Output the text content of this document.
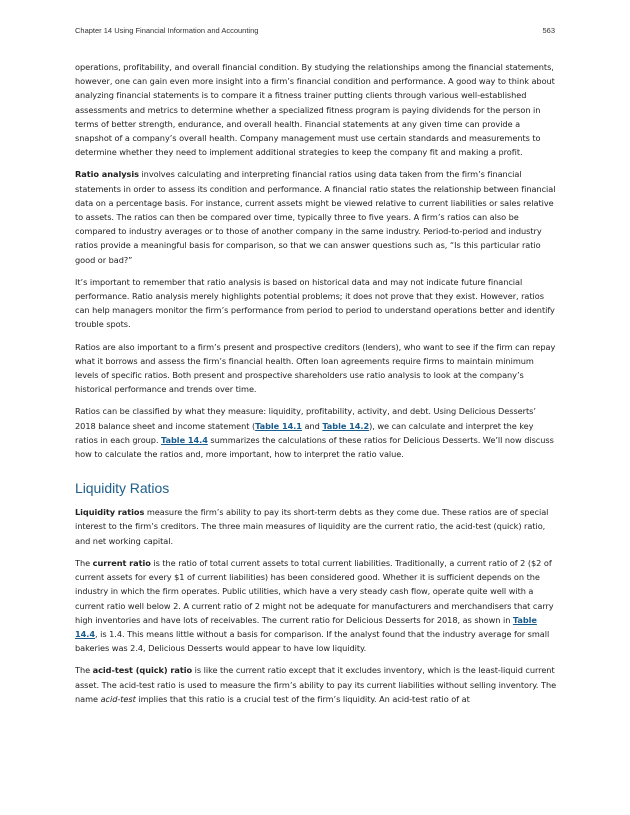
Chapter 14 Using Financial Information and Accounting	563

operations, profitability, and overall financial condition. By studying the relationships among the financial statements, however, one can gain even more insight into a firm’s financial condition and performance. A good way to think about analyzing financial statements is to compare it a fitness trainer putting clients through various well-established assessments and metrics to determine whether a specialized fitness program is paying dividends for the person in terms of better strength, endurance, and overall health. Financial statements at any given time can provide a snapshot of a company’s overall health. Company management must use certain standards and measurements to determine whether they need to implement additional strategies to keep the company fit and making a profit.

Ratio analysis involves calculating and interpreting financial ratios using data taken from the firm’s financial statements in order to assess its condition and performance. A financial ratio states the relationship between financial data on a percentage basis. For instance, current assets might be viewed relative to current liabilities or sales relative to assets. The ratios can then be compared over time, typically three to five years. A firm’s ratios can also be compared to industry averages or to those of another company in the same industry. Period-to-period and industry ratios provide a meaningful basis for comparison, so that we can answer questions such as, “Is this particular ratio good or bad?”

It’s important to remember that ratio analysis is based on historical data and may not indicate future financial performance. Ratio analysis merely highlights potential problems; it does not prove that they exist. However, ratios can help managers monitor the firm’s performance from period to period to understand operations better and identify trouble spots.

Ratios are also important to a firm’s present and prospective creditors (lenders), who want to see if the firm can repay what it borrows and assess the firm’s financial health. Often loan agreements require firms to maintain minimum levels of specific ratios. Both present and prospective shareholders use ratio analysis to look at the company’s historical performance and trends over time.

Ratios can be classified by what they measure: liquidity, profitability, activity, and debt. Using Delicious Desserts’ 2018 balance sheet and income statement (Table 14.1 and Table 14.2), we can calculate and interpret the key ratios in each group. Table 14.4 summarizes the calculations of these ratios for Delicious Desserts. We’ll now discuss how to calculate the ratios and, more important, how to interpret the ratio value.

Liquidity Ratios

Liquidity ratios measure the firm’s ability to pay its short-term debts as they come due. These ratios are of special interest to the firm’s creditors. The three main measures of liquidity are the current ratio, the acid-test (quick) ratio, and net working capital.

The current ratio is the ratio of total current assets to total current liabilities. Traditionally, a current ratio of 2 ($2 of current assets for every $1 of current liabilities) has been considered good. Whether it is sufficient depends on the industry in which the firm operates. Public utilities, which have a very steady cash flow, operate quite well with a current ratio well below 2. A current ratio of 2 might not be adequate for manufacturers and merchandisers that carry high inventories and have lots of receivables. The current ratio for Delicious Desserts for 2018, as shown in Table 14.4, is 1.4. This means little without a basis for comparison. If the analyst found that the industry average for small bakeries was 2.4, Delicious Desserts would appear to have low liquidity.

The acid-test (quick) ratio is like the current ratio except that it excludes inventory, which is the least-liquid current asset. The acid-test ratio is used to measure the firm’s ability to pay its current liabilities without selling inventory. The name acid-test implies that this ratio is a crucial test of the firm’s liquidity. An acid-test ratio of at
